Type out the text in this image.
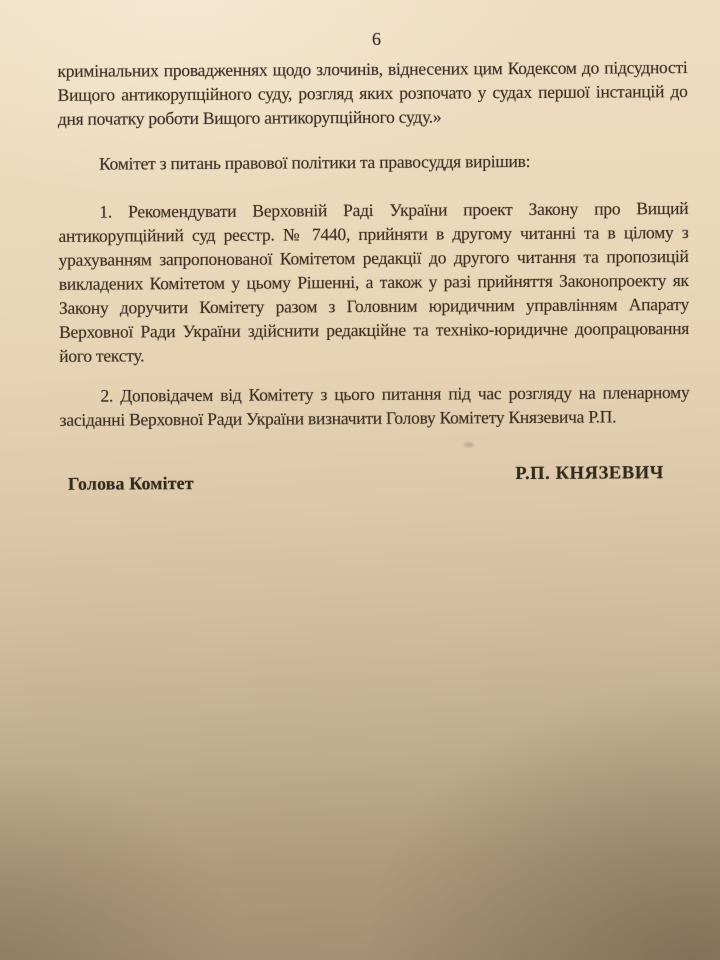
6
кримінальних провадженнях щодо злочинів, віднесених цим Кодексом до підсудності
Вищого антикорупційного суду, розгляд яких розпочато у судах першої інстанцій до
дня початку роботи Вищого антикорупційного суду.»
Комітет з питань правової політики та правосуддя вирішив:
1. Рекомендувати Верховній Раді України проект Закону про Вищий
антикорупційний суд реєстр. № 7440, прийняти в другому читанні та в цілому з
урахуванням запропонованої Комітетом редакції до другого читання та пропозицій
викладених Комітетом у цьому Рішенні, а також у разі прийняття Законопроекту як
Закону доручити Комітету разом з Головним юридичним управлінням Апарату
Верховної Ради України здійснити редакційне та техніко-юридичне доопрацювання
його тексту.
2. Доповідачем від Комітету з цього питання під час розгляду на пленарному
засіданні Верховної Ради України визначити Голову Комітету Князевича Р.П.
Голова Комітет	Р.П. КНЯЗЕВИЧ
